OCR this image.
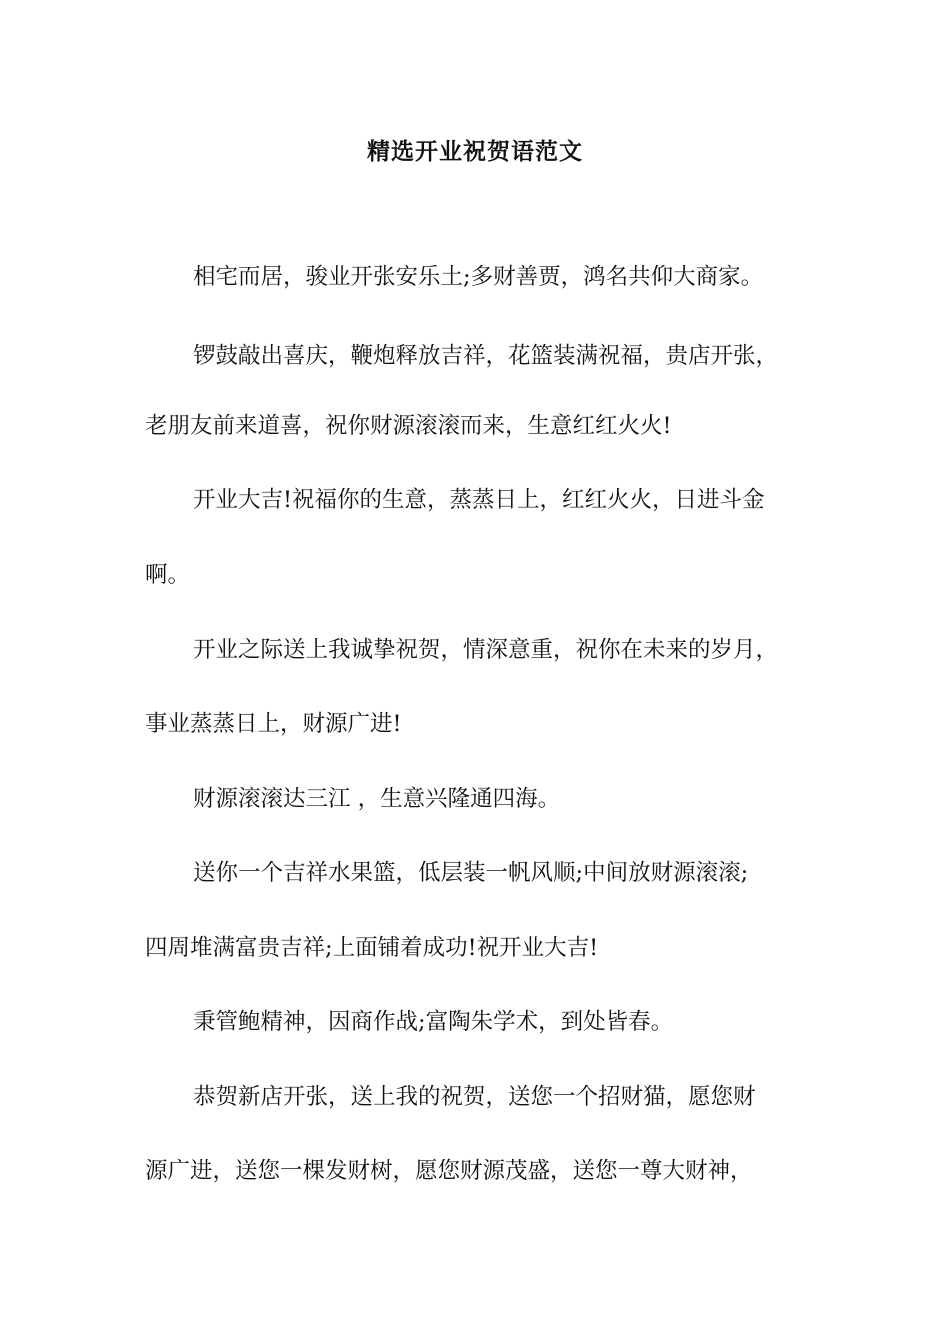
精选开业祝贺语范文
相宅而居，骏业开张安乐土;多财善贾，鸿名共仰大商家。
锣鼓敲出喜庆，鞭炮释放吉祥，花篮装满祝福，贵店开张，
老朋友前来道喜，祝你财源滚滚而来，生意红红火火!
开业大吉!祝福你的生意，蒸蒸日上，红红火火，日进斗金
啊。
开业之际送上我诚挚祝贺，情深意重，祝你在未来的岁月，
事业蒸蒸日上，财源广进!
财源滚滚达三江 ，生意兴隆通四海。
送你一个吉祥水果篮，低层装一帆风顺;中间放财源滚滚;
四周堆满富贵吉祥;上面铺着成功!祝开业大吉!
秉管鲍精神，因商作战;富陶朱学术，到处皆春。
恭贺新店开张，送上我的祝贺，送您一个招财猫，愿您财
源广进，送您一棵发财树，愿您财源茂盛，送您一尊大财神，
